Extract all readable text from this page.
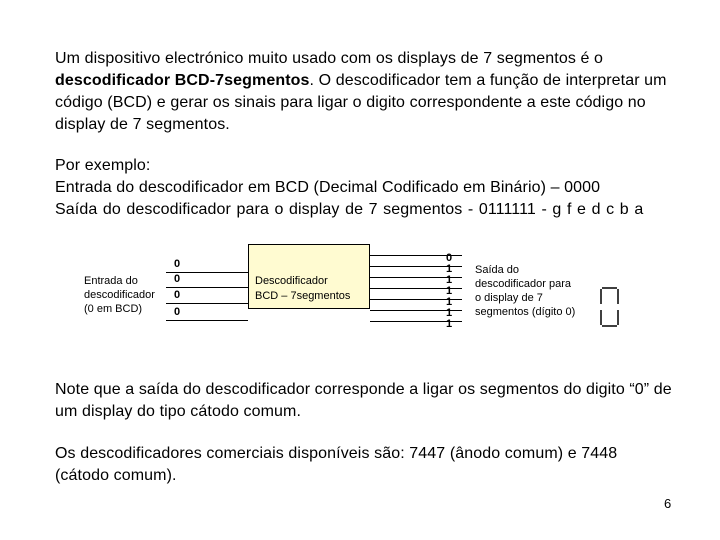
Um dispositivo electrónico muito usado com os displays de 7 segmentos é o descodificador BCD-7segmentos. O descodificador tem a função de interpretar um código (BCD) e gerar os sinais para ligar o digito correspondente a este código no display de 7 segmentos.
Por exemplo:
Entrada do descodificador em BCD (Decimal Codificado em Binário) – 0000
Saída do descodificador para o display de 7 segmentos - 0111111 - g f e d c b a
Entrada do
descodificador
(0 em BCD)
0
0
0
0
Descodificador
BCD – 7segmentos
0
1
1
1
1
1
1
Saída do
descodificador para
o display de 7
segmentos (dígito 0)
Note que a saída do descodificador corresponde a ligar os segmentos do digito “0” de um display do tipo cátodo comum.
Os descodificadores comerciais disponíveis são: 7447 (ânodo comum) e 7448 (cátodo comum).
6
